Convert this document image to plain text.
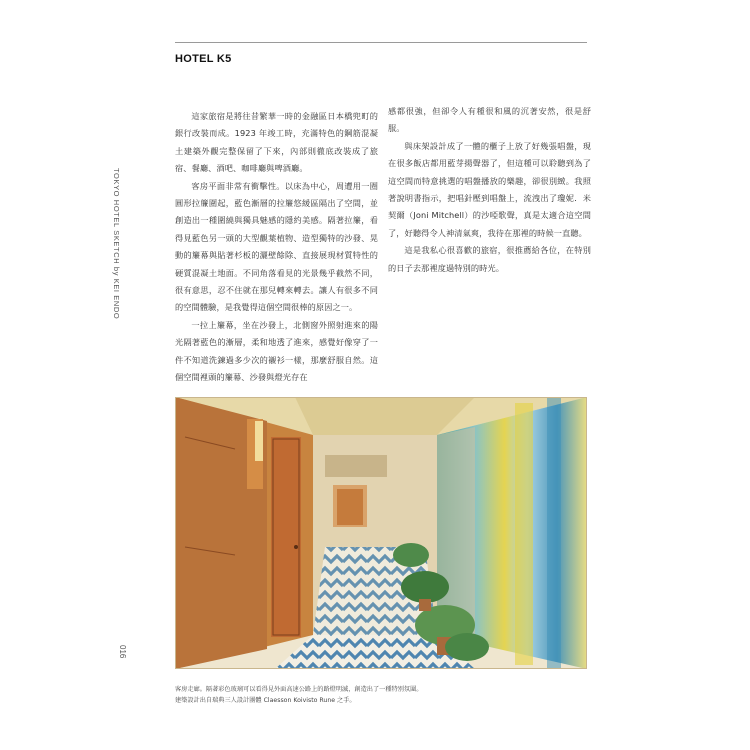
HOTEL K5
TOKYO HOTEL SKETCH by KEI ENDO
016

這家旅宿是將往昔繁華一時的金融區日本橋兜町的銀行改裝而成。1923 年竣工時，充滿特色的鋼筋混凝土建築外觀完整保留了下來，內部則徹底改裝成了旅宿、餐廳、酒吧、咖啡廳與啤酒廳。

客房平面非常有衝擊性。以床為中心，周遭用一圈圓形拉簾圍起，藍色漸層的拉簾悠緩區隔出了空間，並創造出一種圍繞與獨具魅感的隱約美感。隔著拉簾，看得見藍色另一頭的大型觀葉植物、造型獨特的沙發、晃動的簾幕與貼著杉板的灑壁餘除、直接展現材質特性的硬質混凝土地面。不同角落看見的光景幾乎截然不同，很有意思，忍不住就在那兒轉來轉去。讓人有很多不同的空間體驗，是我覺得這個空間很棒的原因之一。

一拉上簾幕，坐在沙發上，北側窗外照射進來的陽光隔著藍色的漸層，柔和地透了進來，感覺好像穿了一件不知道洗鍊過多少次的襯衫一樣，那麼舒服自然。這個空間裡頭的簾幕、沙發與燈光存在

感都很強，但卻令人有種很和風的沉著安然，很是舒服。

與床架設計成了一體的櫃子上放了好幾張唱盤，現在很多飯店都用藍芽揚聲器了，但這種可以聆聽到為了這空間而特意挑選的唱盤播放的樂趣，卻很別緻。我照著說明書指示，把唱針壓到唱盤上，流洩出了瓊妮．米契爾（Joni Mitchell）的沙啞歌聲，真是太適合這空間了，好聽得令人神清氣爽，我待在那裡的時候一直聽。

這是我私心很喜歡的旅宿，很推薦給各位，在特別的日子去那裡度過特別的時光。

客房走廊。隔著彩色玻璃可以看得見外面高速公路上的路燈明滅，創造出了一種特別氛圍。
建築設計出自瑞典三人設計團體 Claesson Koivisto Rune 之手。
